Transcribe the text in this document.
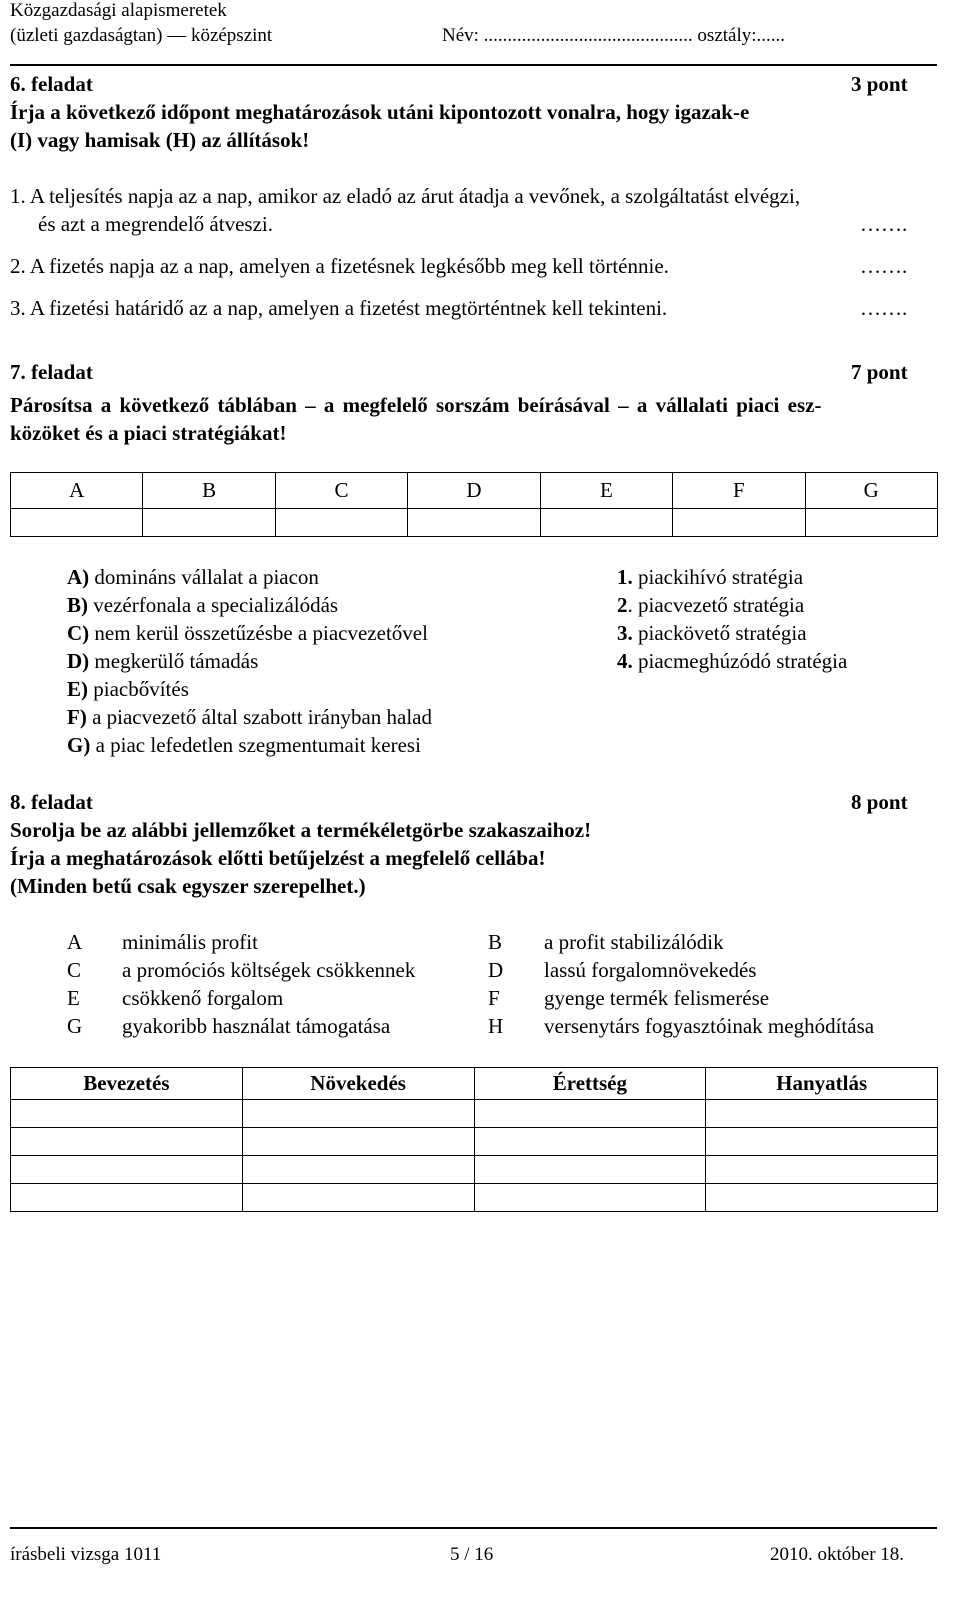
Közgazdasági alapismeretek
(üzleti gazdaságtan) — középszint	Név: ............................................ osztály:......
6. feladat	3 pont
Írja a következő időpont meghatározások utáni kipontozott vonalra, hogy igazak-e
(I) vagy hamisak (H) az állítások!
1. A teljesítés napja az a nap, amikor az eladó az árut átadja a vevőnek, a szolgáltatást elvégzi,
és azt a megrendelő átveszi.	…….
2. A fizetés napja az a nap, amelyen a fizetésnek legkésőbb meg kell történnie.	…….
3. A fizetési határidő az a nap, amelyen a fizetést megtörténtnek kell tekinteni.	…….
7. feladat	7 pont
Párosítsa a következő táblában – a megfelelő sorszám beírásával – a vállalati piaci esz-
közöket és a piaci stratégiákat!
A	B	C	D	E	F	G

A) domináns vállalat a piacon
B) vezérfonala a specializálódás
C) nem kerül összetűzésbe a piacvezetővel
D) megkerülő támadás
E) piacbővítés
F) a piacvezető által szabott irányban halad
G) a piac lefedetlen szegmentumait keresi
1. piackihívó stratégia
2. piacvezető stratégia
3. piackövető stratégia
4. piacmeghúzódó stratégia
8. feladat	8 pont
Sorolja be az alábbi jellemzőket a termékéletgörbe szakaszaihoz!
Írja a meghatározások előtti betűjelzést a megfelelő cellába!
(Minden betű csak egyszer szerepelhet.)
A minimális profit	B a profit stabilizálódik
C a promóciós költségek csökkennek	D lassú forgalomnövekedés
E csökkenő forgalom	F gyenge termék felismerése
G gyakoribb használat támogatása	H versenytárs fogyasztóinak meghódítása
Bevezetés	Növekedés	Érettség	Hanyatlás

írásbeli vizsga 1011	5 / 16	2010. október 18.
